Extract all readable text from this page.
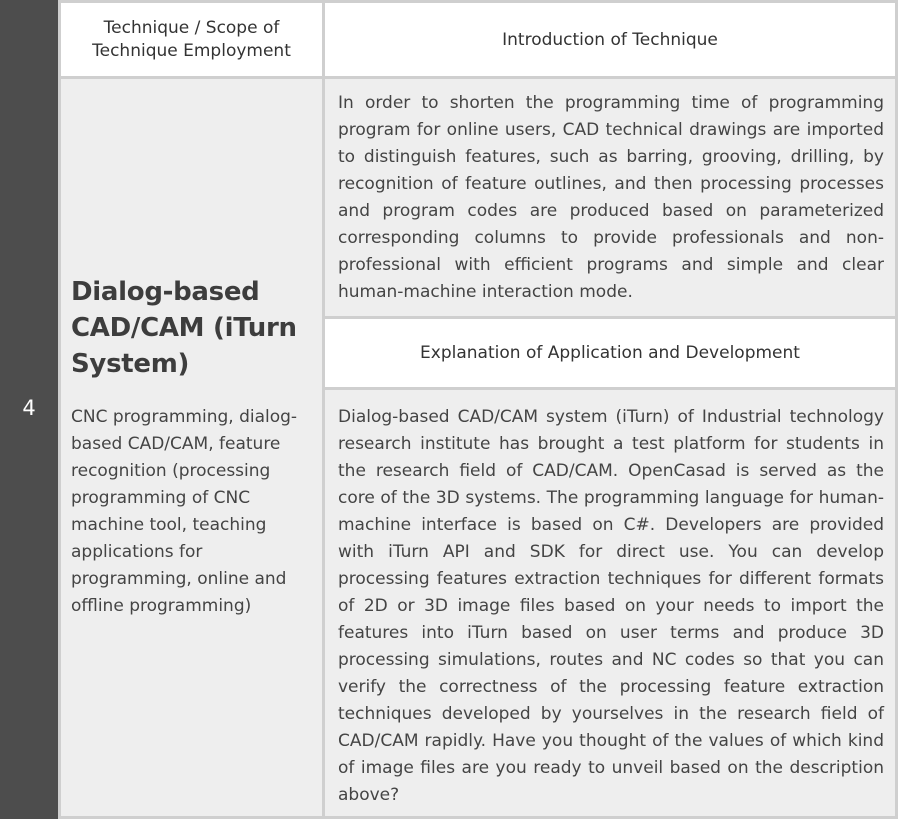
4
Technique / Scope of Technique Employment
Introduction of Technique
Dialog-based CAD/CAM (iTurn System)
CNC programming, dialog-based CAD/CAM, feature recognition (processing programming of CNC machine tool, teaching applications for programming, online and offline programming)
In order to shorten the programming time of programming program for online users, CAD technical drawings are imported to distinguish features, such as barring, grooving, drilling, by recognition of feature outlines, and then processing processes and program codes are produced based on parameterized corresponding columns to provide professionals and non-professional with efficient programs and simple and clear human-machine interaction mode.
Explanation of Application and Development
Dialog-based CAD/CAM system (iTurn) of Industrial technology research institute has brought a test platform for students in the research field of CAD/CAM. OpenCasad is served as the core of the 3D systems. The programming language for human-machine interface is based on C#. Developers are provided with iTurn API and SDK for direct use. You can develop processing features extraction techniques for different formats of 2D or 3D image files based on your needs to import the features into iTurn based on user terms and produce 3D processing simulations, routes and NC codes so that you can verify the correctness of the processing feature extraction techniques developed by yourselves in the research field of CAD/CAM rapidly. Have you thought of the values of which kind of image files are you ready to unveil based on the description above?
